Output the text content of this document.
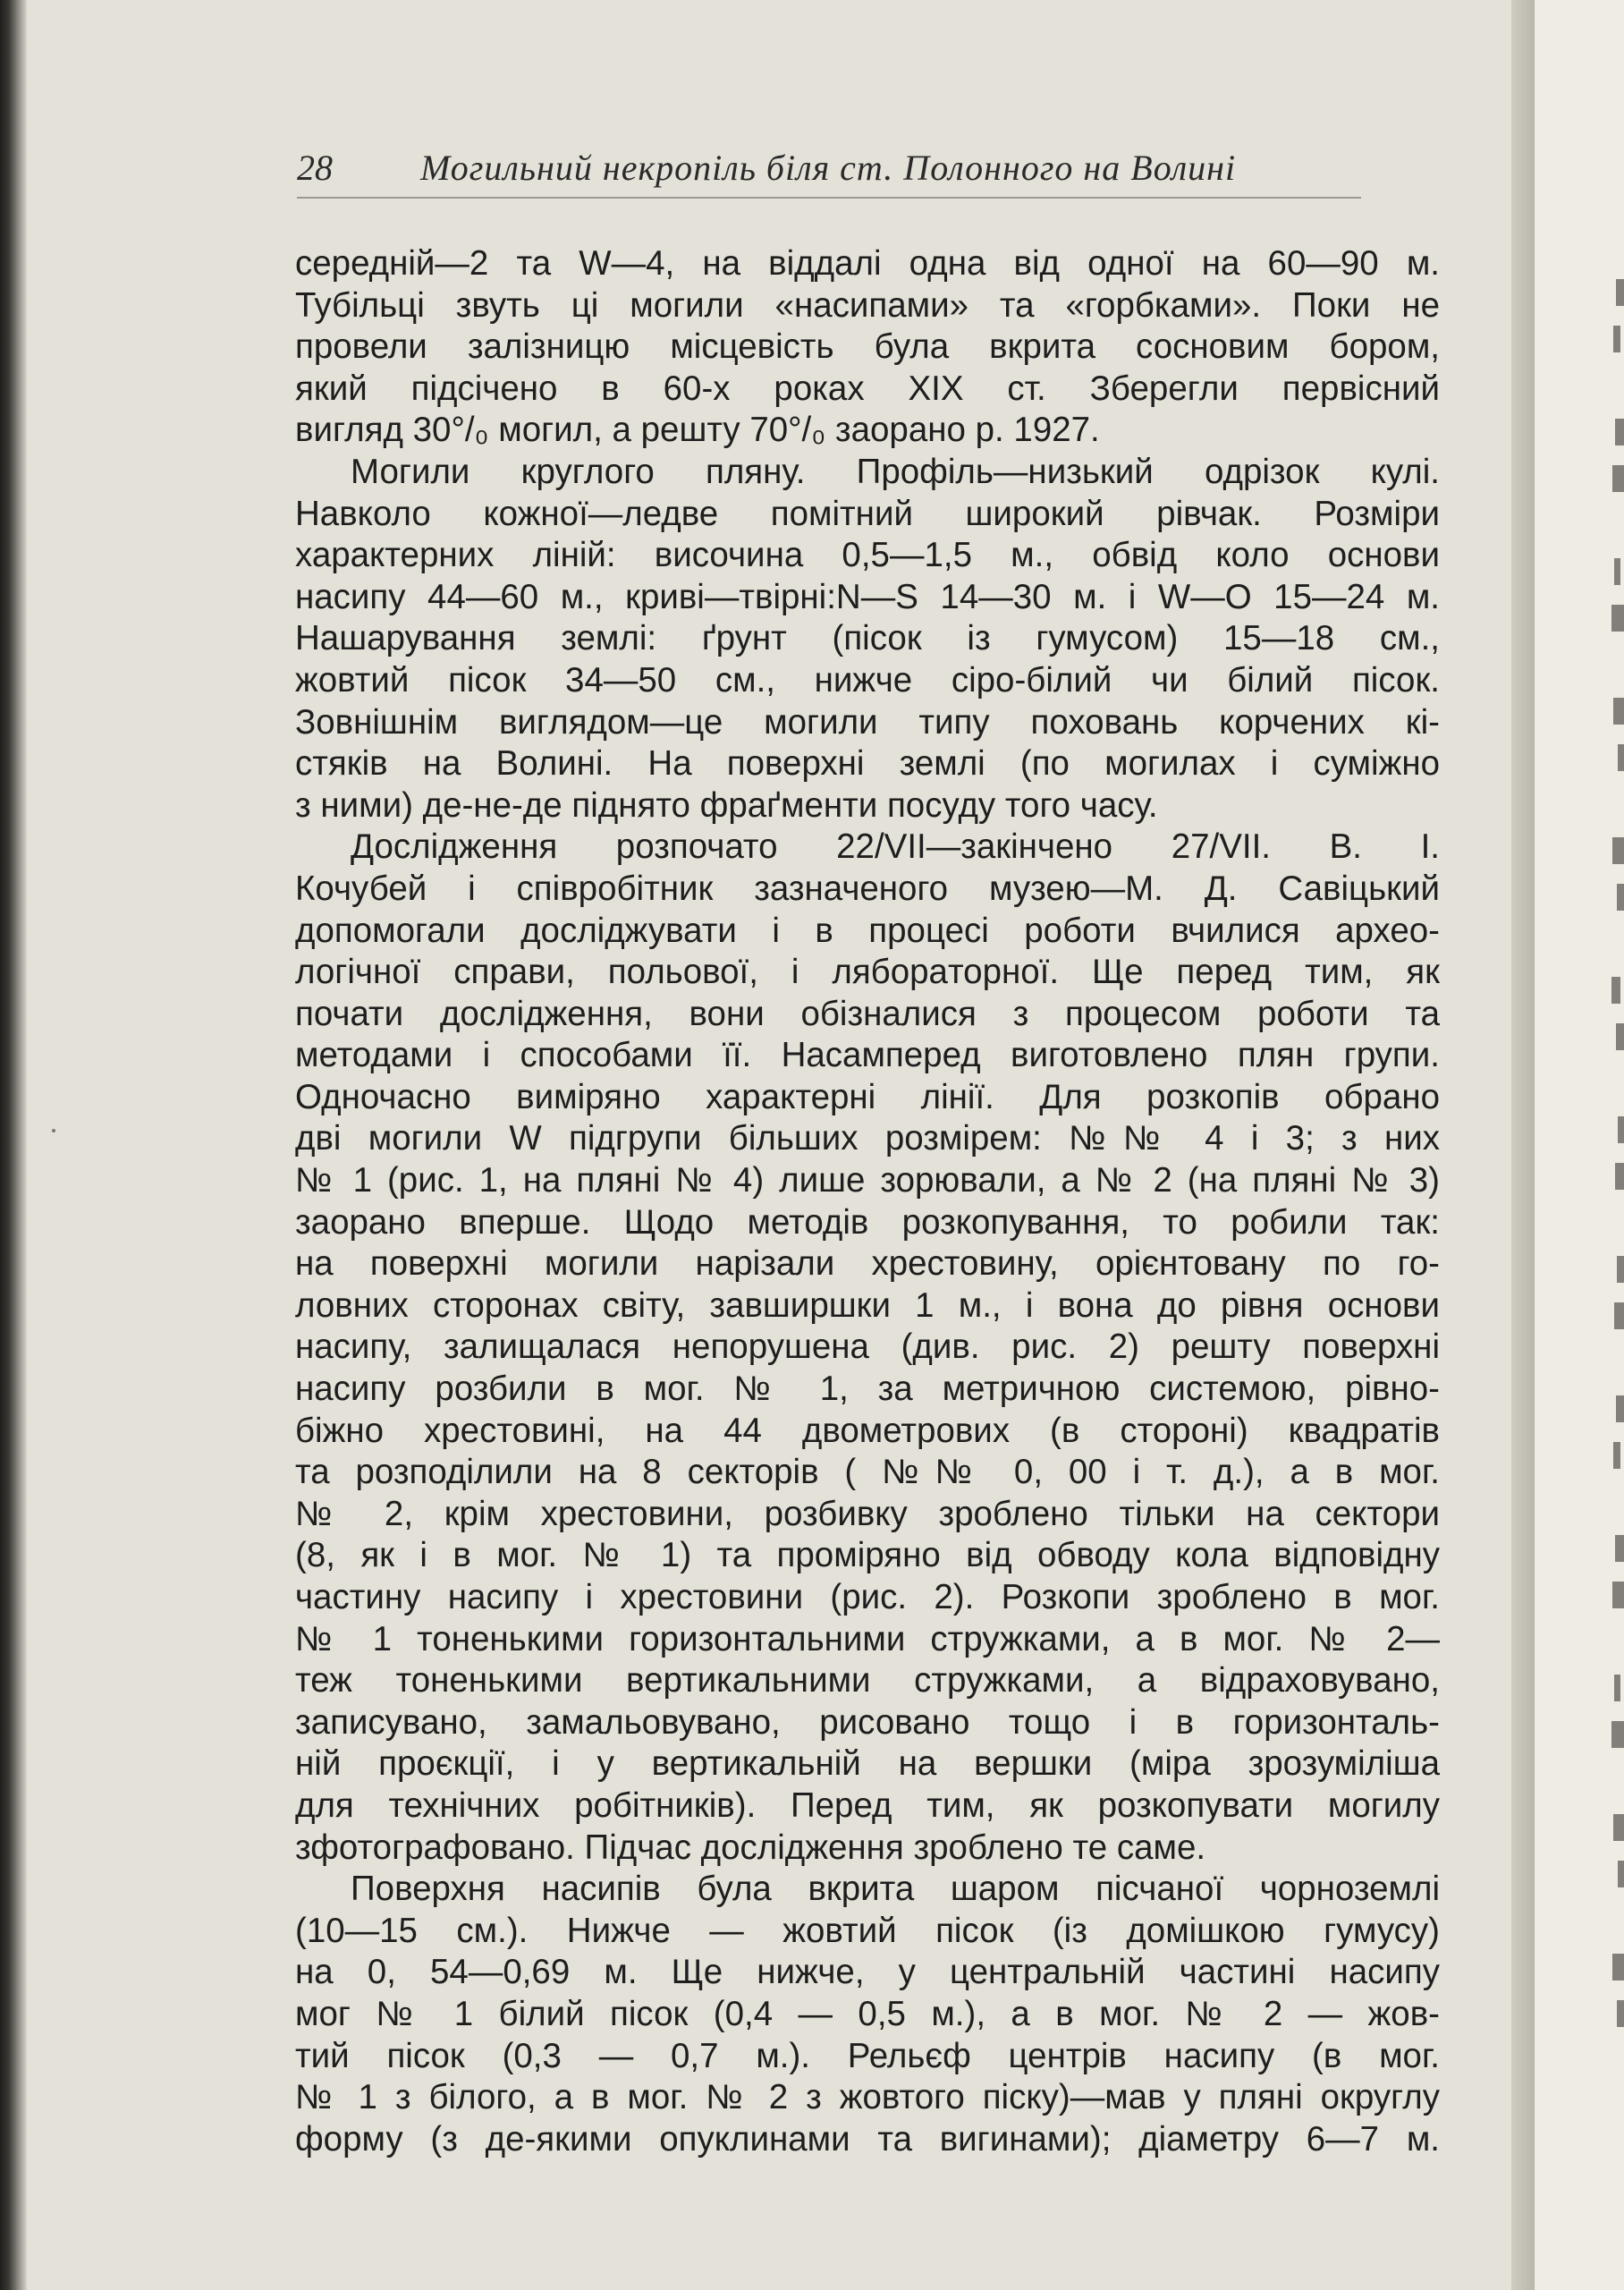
28 Могильний некропіль біля ст. Полонного на Волині
середній—2 та W—4, на віддалі одна від одної на 60—90 м.
Тубільці звуть ці могили «насипами» та «горбками». Поки не
провели залізницю місцевість була вкрита сосновим бором,
який підсічено в 60-х роках XIX ст. Зберегли первісний
вигляд 30°/₀ могил, а решту 70°/₀ заорано р. 1927.
Могили круглого пляну. Профіль—низький одрізок кулі.
Навколо кожної—ледве помітний широкий рівчак. Розміри
характерних ліній: височина 0,5—1,5 м., обвід коло основи
насипу 44—60 м., криві—твірні:N—S 14—30 м. і W—O 15—24 м.
Нашарування землі: ґрунт (пісок із гумусом) 15—18 см.,
жовтий пісок 34—50 см., нижче сіро-білий чи білий пісок.
Зовнішнім виглядом—це могили типу поховань корчених кі-
стяків на Волині. На поверхні землі (по могилах і суміжно
з ними) де-не-де піднято фраґменти посуду того часу.
Дослідження розпочато 22/VII—закінчено 27/VII. В. І.
Кочубей і співробітник зазначеного музею—М. Д. Савіцький
допомогали досліджувати і в процесі роботи вчилися архео-
логічної справи, польової, і ляборaторної. Ще перед тим, як
почати дослідження, вони обізналися з процесом роботи та
методами і способами її. Насамперед виготовлено плян групи.
Одночасно виміряно характерні лінії. Для розкопів обрано
дві могили W підгрупи більших розмірем: №№ 4 і 3; з них
№ 1 (рис. 1, на пляні № 4) лише зорювали, а № 2 (на пляні № 3)
заорано вперше. Щодо методів розкопування, то робили так:
на поверхні могили нарізали хрестовину, орієнтовану по го-
ловних сторонах світу, завширшки 1 м., і вона до рівня основи
насипу, залищалася непорушена (див. рис. 2) решту поверхні
насипу розбили в мог. № 1, за метричною системою, рівно-
біжно хрестовині, на 44 двометрових (в стороні) квадратів
та розподілили на 8 секторів ( №№ 0, 00 і т. д.), а в мог.
№ 2, крім хрестовини, розбивку зроблено тільки на сектори
(8, як і в мог. № 1) та проміряно від обводу кола відповідну
частину насипу і хрестовини (рис. 2). Розкопи зроблено в мог.
№ 1 тоненькими горизонтальними стружками, а в мог. № 2—
теж тоненькими вертикальними стружками, а відраховувано,
записувано, замальовувано, рисовано тощо і в горизонталь-
ній проєкції, і у вертикальній на вершки (міра зрозуміліша
для технічних робітників). Перед тим, як розкопувати могилу
зфотографовано. Підчас дослідження зроблено те саме.
Поверхня насипів була вкрита шаром пісчаної чорноземлі
(10—15 см.). Нижче — жовтий пісок (із домішкою гумусу)
на 0, 54—0,69 м. Ще нижче, у центральній частині насипу
мог № 1 білий пісок (0,4 — 0,5 м.), а в мог. № 2 — жов-
тий пісок (0,3 — 0,7 м.). Рельєф центрів насипу (в мог.
№ 1 з білого, а в мог. № 2 з жовтого піску)—мав у пляні округлу
форму (з де-якими опуклинами та вигинами); діаметру 6—7 м.
